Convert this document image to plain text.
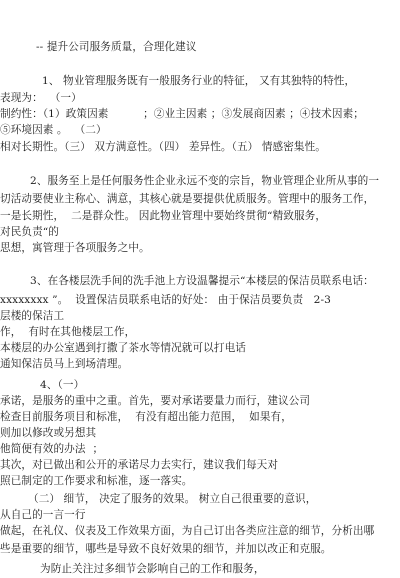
-- 提升公司服务质量，合理化建议
1、 物业管理服务既有一般服务行业的特征， 又有其独特的特性，
表现为：  （一）
制约性：（1）政策因素          ；②业主因素 ；③发展商因素 ；④技术因素；
⑤环境因素 。  （二）
相对长期性。（三） 双方满意性。（四） 差异性。（五） 情感密集性。
2、服务至上是任何服务性企业永远不变的宗旨，物业管理企业所从事的一
切活动要使业主称心、满意，其核心就是要提供优质服务。管理中的服务工作，
一是长期性，  二是群众性。 因此物业管理中要始终贯彻“精致服务，
对民负责“的
思想，寓管理于各项服务之中。
3、在各楼层洗手间的洗手池上方设温馨提示“本楼层的保洁员联系电话：
xxxxxxxx ”。  设置保洁员联系电话的好处： 由于保洁员要负责   2-3
层楼的保洁工
作，  有时在其他楼层工作，
本楼层的办公室遇到打撒了茶水等情况就可以打电话
通知保洁员马上到场清理。
4、（一）
承诺，是服务的重中之重。首先，要对承诺要量力而行，建议公司
检查目前服务项目和标准，  有没有超出能力范围，  如果有，
则加以修改或另想其
他简便有效的办法  ；
其次，对已做出和公开的承诺尽力去实行，建议我们每天对
照已制定的工作要求和标准，逐一落实。
（二） 细节， 决定了服务的效果。 树立自己很重要的意识，
从自己的一言一行
做起，在礼仪、仪表及工作效果方面，为自己订出各类应注意的细节，分析出哪
些是重要的细节，哪些是导致不良好效果的细节，并加以改正和克服。
为防止关注过多细节会影响自己的工作和服务，
